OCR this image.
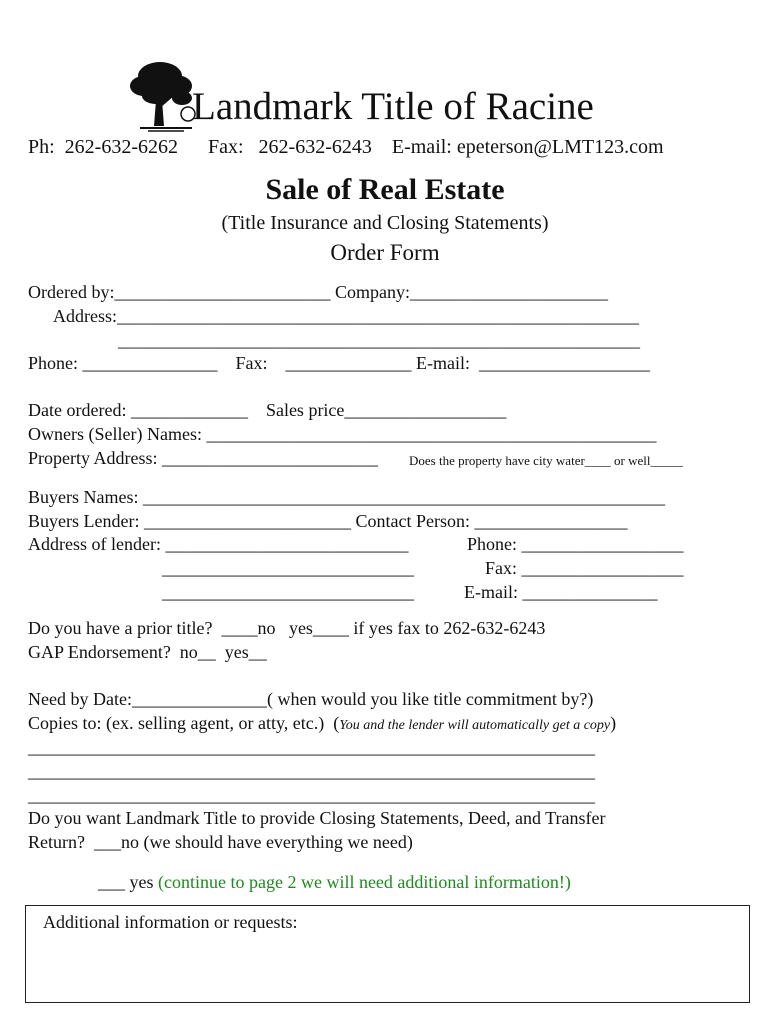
Landmark Title of Racine
Ph:  262-632-6262      Fax:   262-632-6243    E-mail: epeterson@LMT123.com
Sale of Real Estate
(Title Insurance and Closing Statements)
Order Form
Ordered by:________________________ Company:______________________
Address:__________________________________________________________
__________________________________________________________
Phone: _______________    Fax:    ______________ E-mail:  ___________________
Date ordered: _____________    Sales price__________________
Owners (Seller) Names: __________________________________________________
Property Address: ________________________ Does the property have city water____ or well_____
Buyers Names: __________________________________________________________
Buyers Lender: _______________________ Contact Person: _________________
Address of lender: ___________________________	Phone: __________________
____________________________	Fax: __________________
____________________________	E-mail: _______________
Do you have a prior title?  ____no   yes____ if yes fax to 262-632-6243
GAP Endorsement?  no__  yes__
Need by Date:_______________( when would you like title commitment by?)
Copies to: (ex. selling agent, or atty, etc.)  (You and the lender will automatically get a copy)
_______________________________________________________________
_______________________________________________________________
_______________________________________________________________
Do you want Landmark Title to provide Closing Statements, Deed, and Transfer
Return?  ___no (we should have everything we need)
___ yes (continue to page 2 we will need additional information!)
Additional information or requests:
